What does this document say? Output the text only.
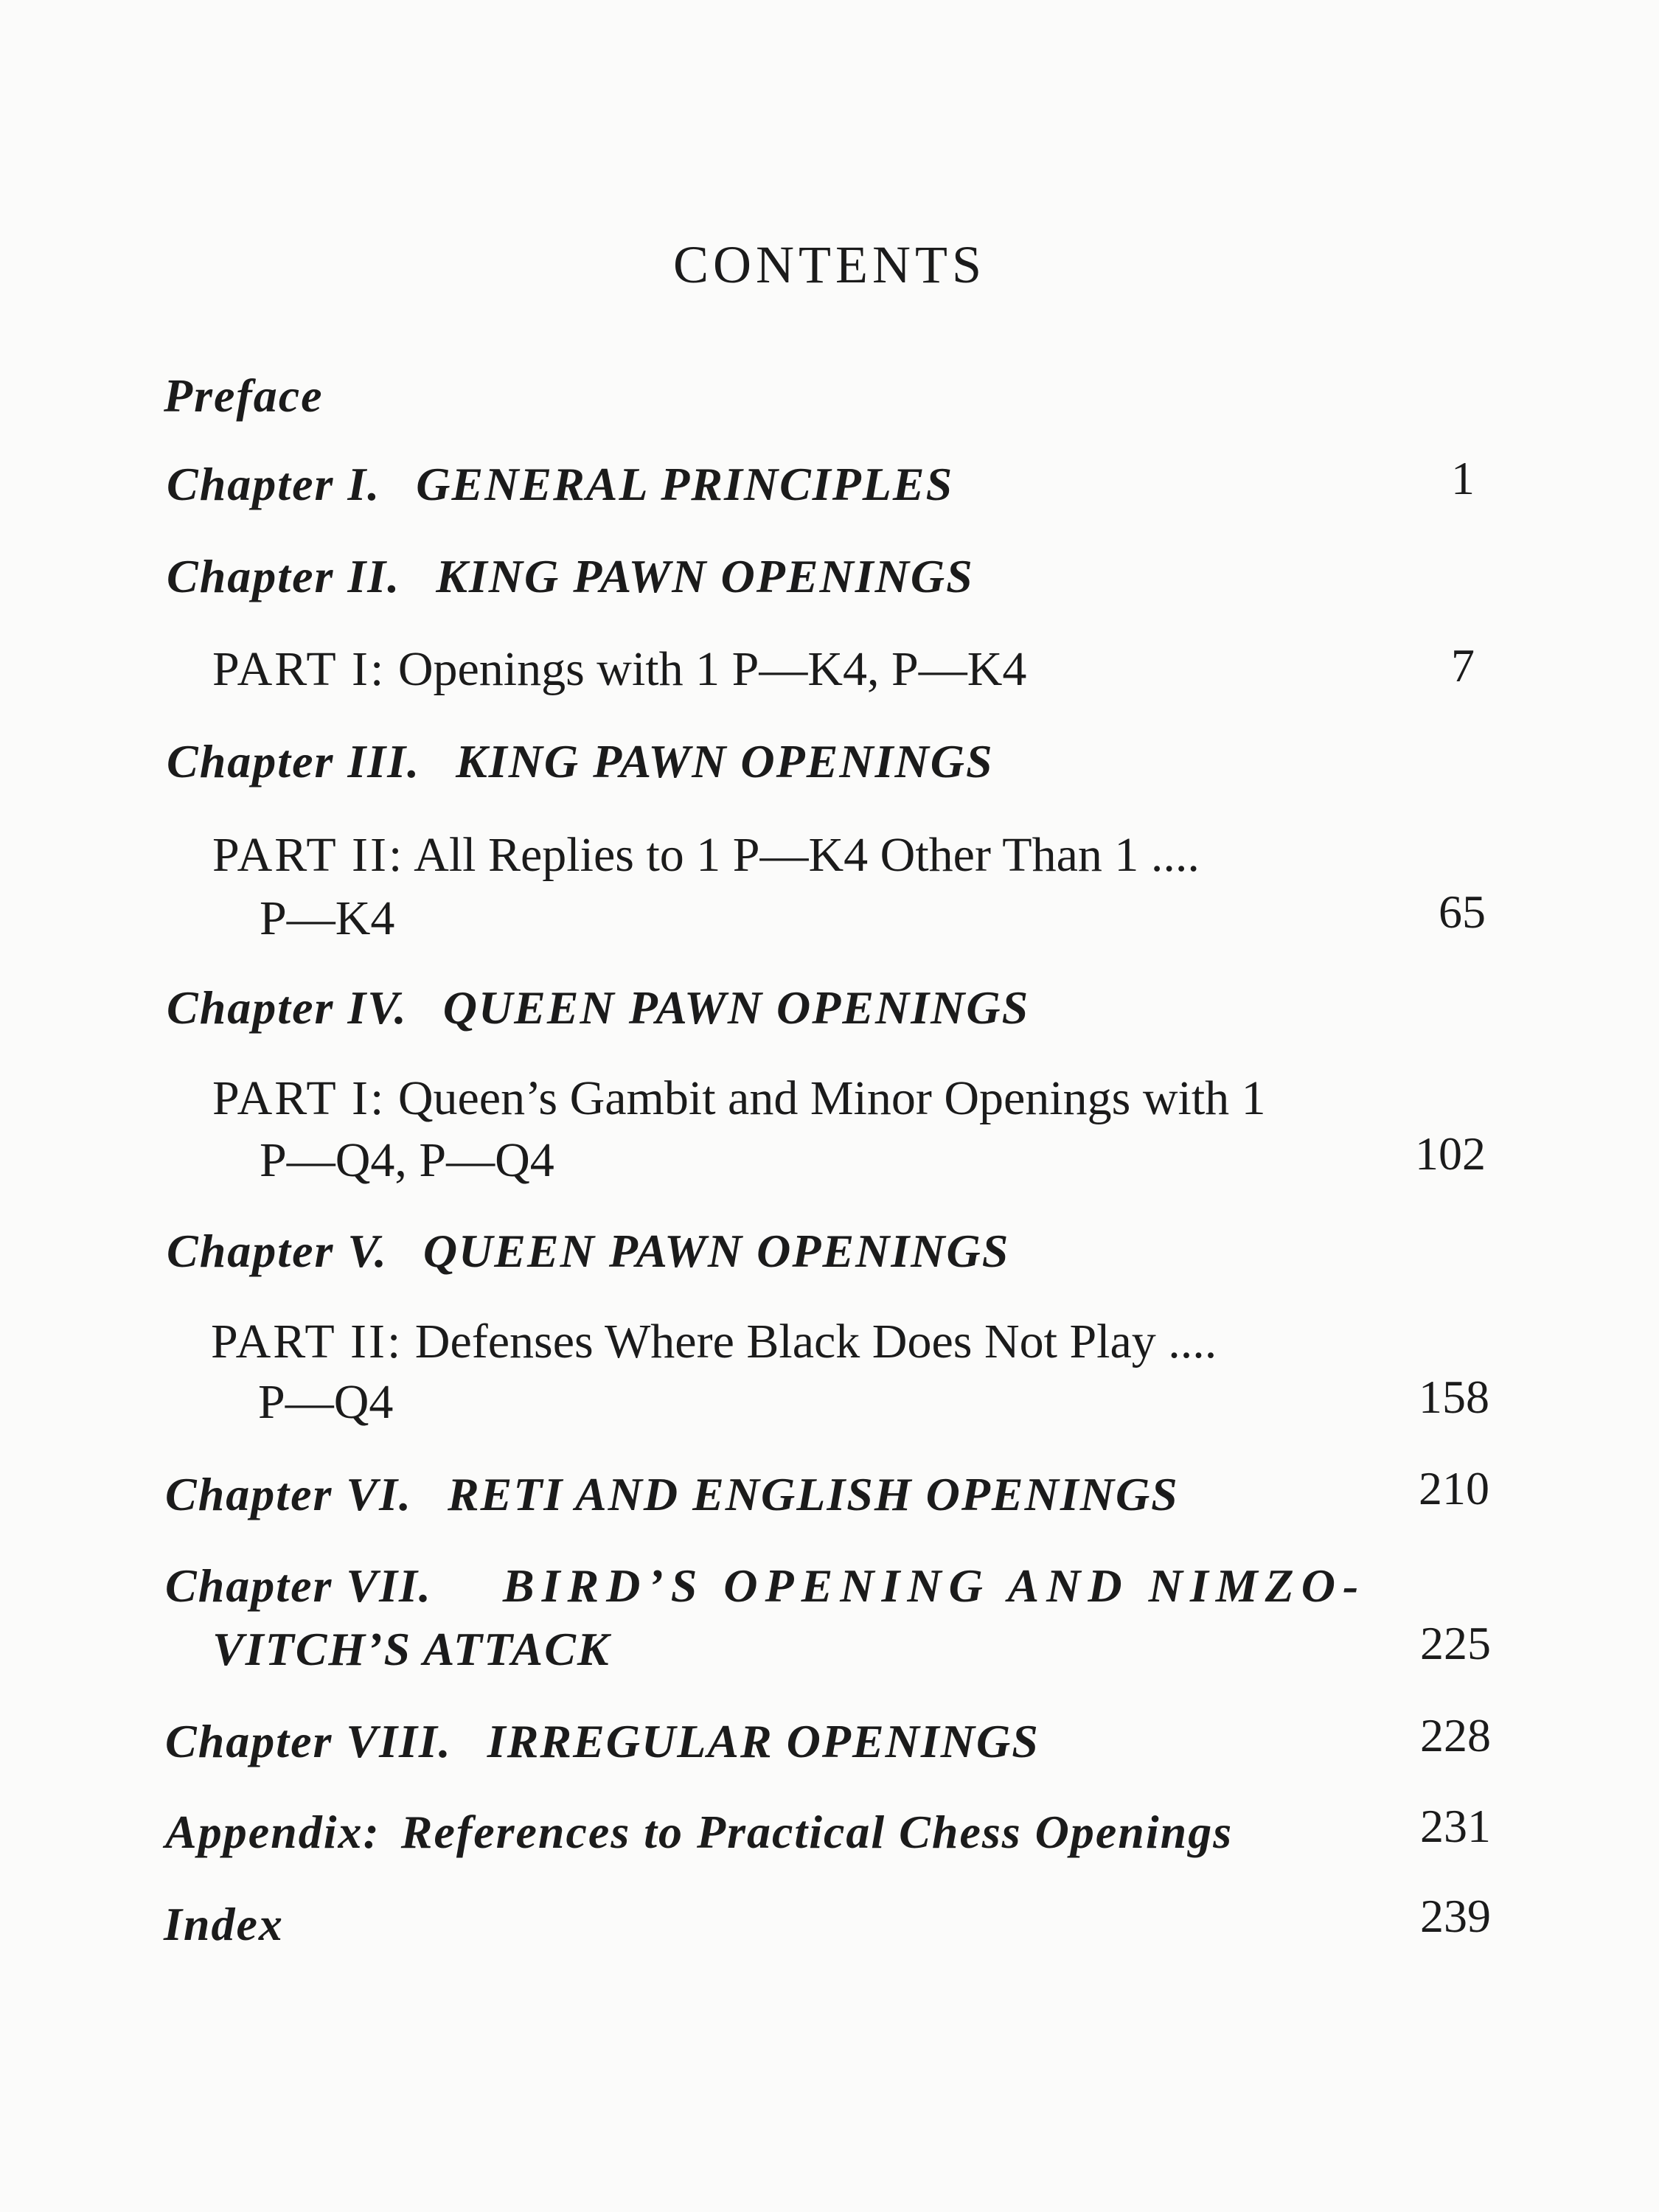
CONTENTS
Preface
Chapter I. GENERAL PRINCIPLES	1
Chapter II. KING PAWN OPENINGS
PART I: Openings with 1 P—K4, P—K4	7
Chapter III. KING PAWN OPENINGS
PART II: All Replies to 1 P—K4 Other Than 1 ....
P—K4	65
Chapter IV. QUEEN PAWN OPENINGS
PART I: Queen’s Gambit and Minor Openings with 1
P—Q4, P—Q4	102
Chapter V. QUEEN PAWN OPENINGS
PART II: Defenses Where Black Does Not Play ....
P—Q4	158
Chapter VI. RETI AND ENGLISH OPENINGS	210
Chapter VII. BIRD’S OPENING AND NIMZO-
VITCH’S ATTACK	225
Chapter VIII. IRREGULAR OPENINGS	228
Appendix: References to Practical Chess Openings	231
Index	239
